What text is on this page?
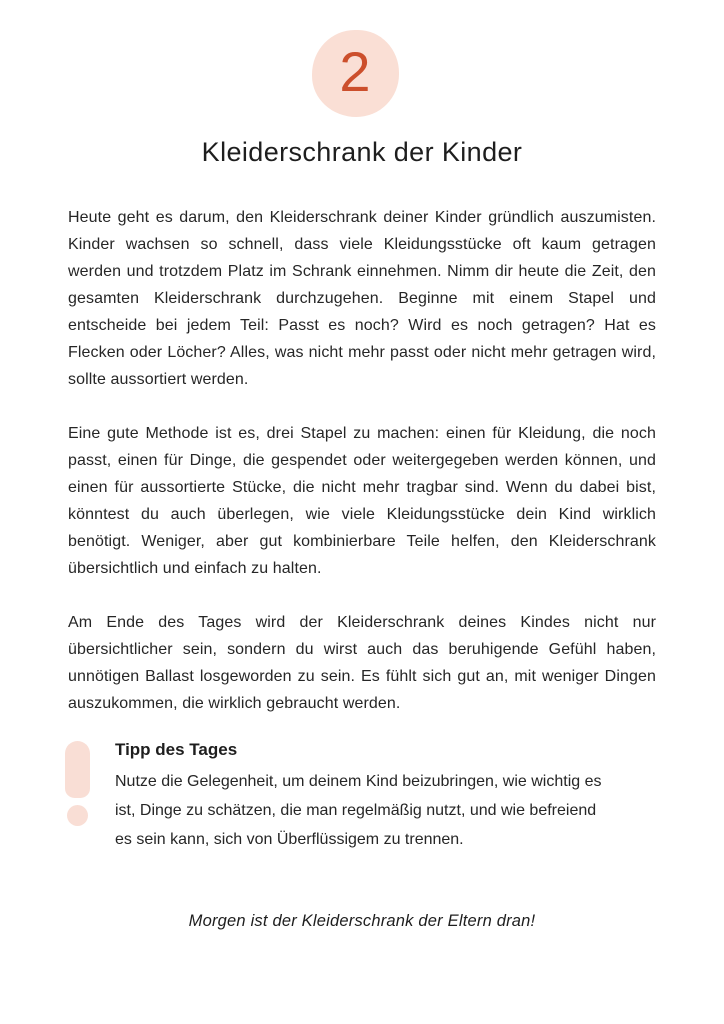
2
Kleiderschrank der Kinder

Heute geht es darum, den Kleiderschrank deiner Kinder gründlich auszumisten. Kinder wachsen so schnell, dass viele Kleidungsstücke oft kaum getragen werden und trotzdem Platz im Schrank einnehmen. Nimm dir heute die Zeit, den gesamten Kleiderschrank durchzugehen. Beginne mit einem Stapel und entscheide bei jedem Teil: Passt es noch? Wird es noch getragen? Hat es Flecken oder Löcher? Alles, was nicht mehr passt oder nicht mehr getragen wird, sollte aussortiert werden.

Eine gute Methode ist es, drei Stapel zu machen: einen für Kleidung, die noch passt, einen für Dinge, die gespendet oder weitergegeben werden können, und einen für aussortierte Stücke, die nicht mehr tragbar sind. Wenn du dabei bist, könntest du auch überlegen, wie viele Kleidungsstücke dein Kind wirklich benötigt. Weniger, aber gut kombinierbare Teile helfen, den Kleiderschrank übersichtlich und einfach zu halten.

Am Ende des Tages wird der Kleiderschrank deines Kindes nicht nur übersichtlicher sein, sondern du wirst auch das beruhigende Gefühl haben, unnötigen Ballast losgeworden zu sein. Es fühlt sich gut an, mit weniger Dingen auszukommen, die wirklich gebraucht werden.

Tipp des Tages
Nutze die Gelegenheit, um deinem Kind beizubringen, wie wichtig es ist, Dinge zu schätzen, die man regelmäßig nutzt, und wie befreiend es sein kann, sich von Überflüssigem zu trennen.
Morgen ist der Kleiderschrank der Eltern dran!
